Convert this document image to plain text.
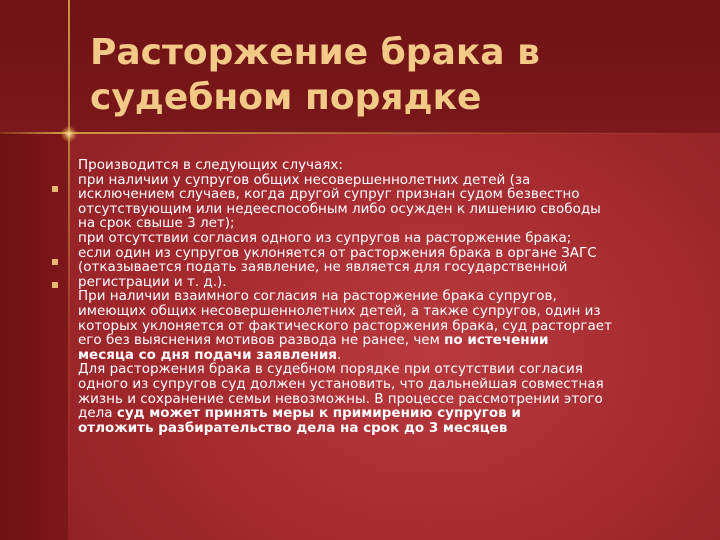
Расторжение брака в
судебном порядке
Производится в следующих случаях:
при наличии у супругов общих несовершеннолетних детей (за
исключением случаев, когда другой супруг признан судом безвестно
отсутствующим или недееспособным либо осужден к лишению свободы
на срок свыше 3 лет);
при отсутствии согласия одного из супругов на расторжение брака;
если один из супругов уклоняется от расторжения брака в органе ЗАГС
(отказывается подать заявление, не является для государственной
регистрации и т. д.).
При наличии взаимного согласия на расторжение брака супругов,
имеющих общих несовершеннолетних детей, а также супругов, один из
которых уклоняется от фактического расторжения брака, суд расторгает
его без выяснения мотивов развода не ранее, чем по истечении
месяца со дня подачи заявления.
Для расторжения брака в судебном порядке при отсутствии согласия
одного из супругов суд должен установить, что дальнейшая совместная
жизнь и сохранение семьи невозможны. В процессе рассмотрении этого
дела суд может принять меры к примирению супругов и
отложить разбирательство дела на срок до 3 месяцев
